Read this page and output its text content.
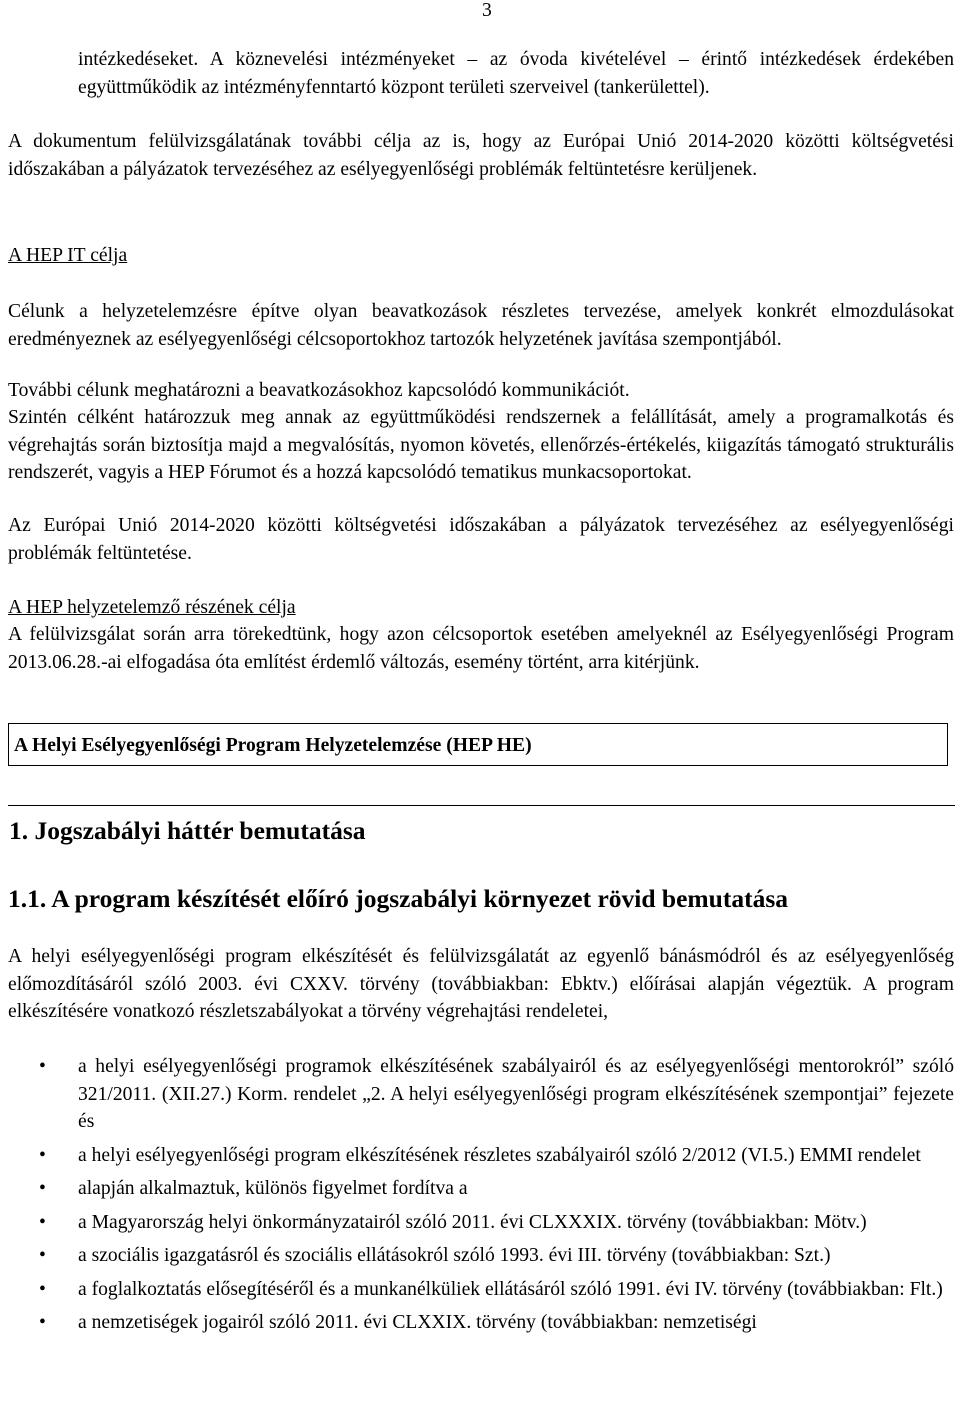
3

intézkedéseket. A köznevelési intézményeket – az óvoda kivételével – érintő intézkedések érdekében együttműködik az intézményfenntartó központ területi szerveivel (tankerülettel).

A dokumentum felülvizsgálatának további célja az is, hogy az Európai Unió 2014-2020 közötti költségvetési időszakában a pályázatok tervezéséhez az esélyegyenlőségi problémák feltüntetésre kerüljenek.

A HEP IT célja

Célunk a helyzetelemzésre építve olyan beavatkozások részletes tervezése, amelyek konkrét elmozdulásokat eredményeznek az esélyegyenlőségi célcsoportokhoz tartozók helyzetének javítása szempontjából.

További célunk meghatározni a beavatkozásokhoz kapcsolódó kommunikációt.

Szintén célként határozzuk meg annak az együttműködési rendszernek a felállítását, amely a programalkotás és végrehajtás során biztosítja majd a megvalósítás, nyomon követés, ellenőrzés-értékelés, kiigazítás támogató strukturális rendszerét, vagyis a HEP Fórumot és a hozzá kapcsolódó tematikus munkacsoportokat.

Az Európai Unió 2014-2020 közötti költségvetési időszakában a pályázatok tervezéséhez az esélyegyenlőségi problémák feltüntetése.

A HEP helyzetelemző részének célja

A felülvizsgálat során arra törekedtünk, hogy azon célcsoportok esetében amelyeknél az Esélyegyenlőségi Program 2013.06.28.-ai elfogadása óta említést érdemlő változás, esemény történt, arra kitérjünk.

A Helyi Esélyegyenlőségi Program Helyzetelemzése (HEP HE)
1. Jogszabályi háttér bemutatása
1.1. A program készítését előíró jogszabályi környezet rövid bemutatása

A helyi esélyegyenlőségi program elkészítését és felülvizsgálatát az egyenlő bánásmódról és az esélyegyenlőség előmozdításáról szóló 2003. évi CXXV. törvény (továbbiakban: Ebktv.) előírásai alapján végeztük. A program elkészítésére vonatkozó részletszabályokat a törvény végrehajtási rendeletei,

• a helyi esélyegyenlőségi programok elkészítésének szabályairól és az esélyegyenlőségi mentorokról” szóló 321/2011. (XII.27.) Korm. rendelet „2. A helyi esélyegyenlőségi program elkészítésének szempontjai” fejezete és
• a helyi esélyegyenlőségi program elkészítésének részletes szabályairól szóló 2/2012 (VI.5.) EMMI rendelet
• alapján alkalmaztuk, különös figyelmet fordítva a
• a Magyarország helyi önkormányzatairól szóló 2011. évi CLXXXIX. törvény (továbbiakban: Mötv.)
• a szociális igazgatásról és szociális ellátásokról szóló 1993. évi III. törvény (továbbiakban: Szt.)
• a foglalkoztatás elősegítéséről és a munkanélküliek ellátásáról szóló 1991. évi IV. törvény (továbbiakban: Flt.)
• a nemzetiségek jogairól szóló 2011. évi CLXXIX. törvény (továbbiakban: nemzetiségi
